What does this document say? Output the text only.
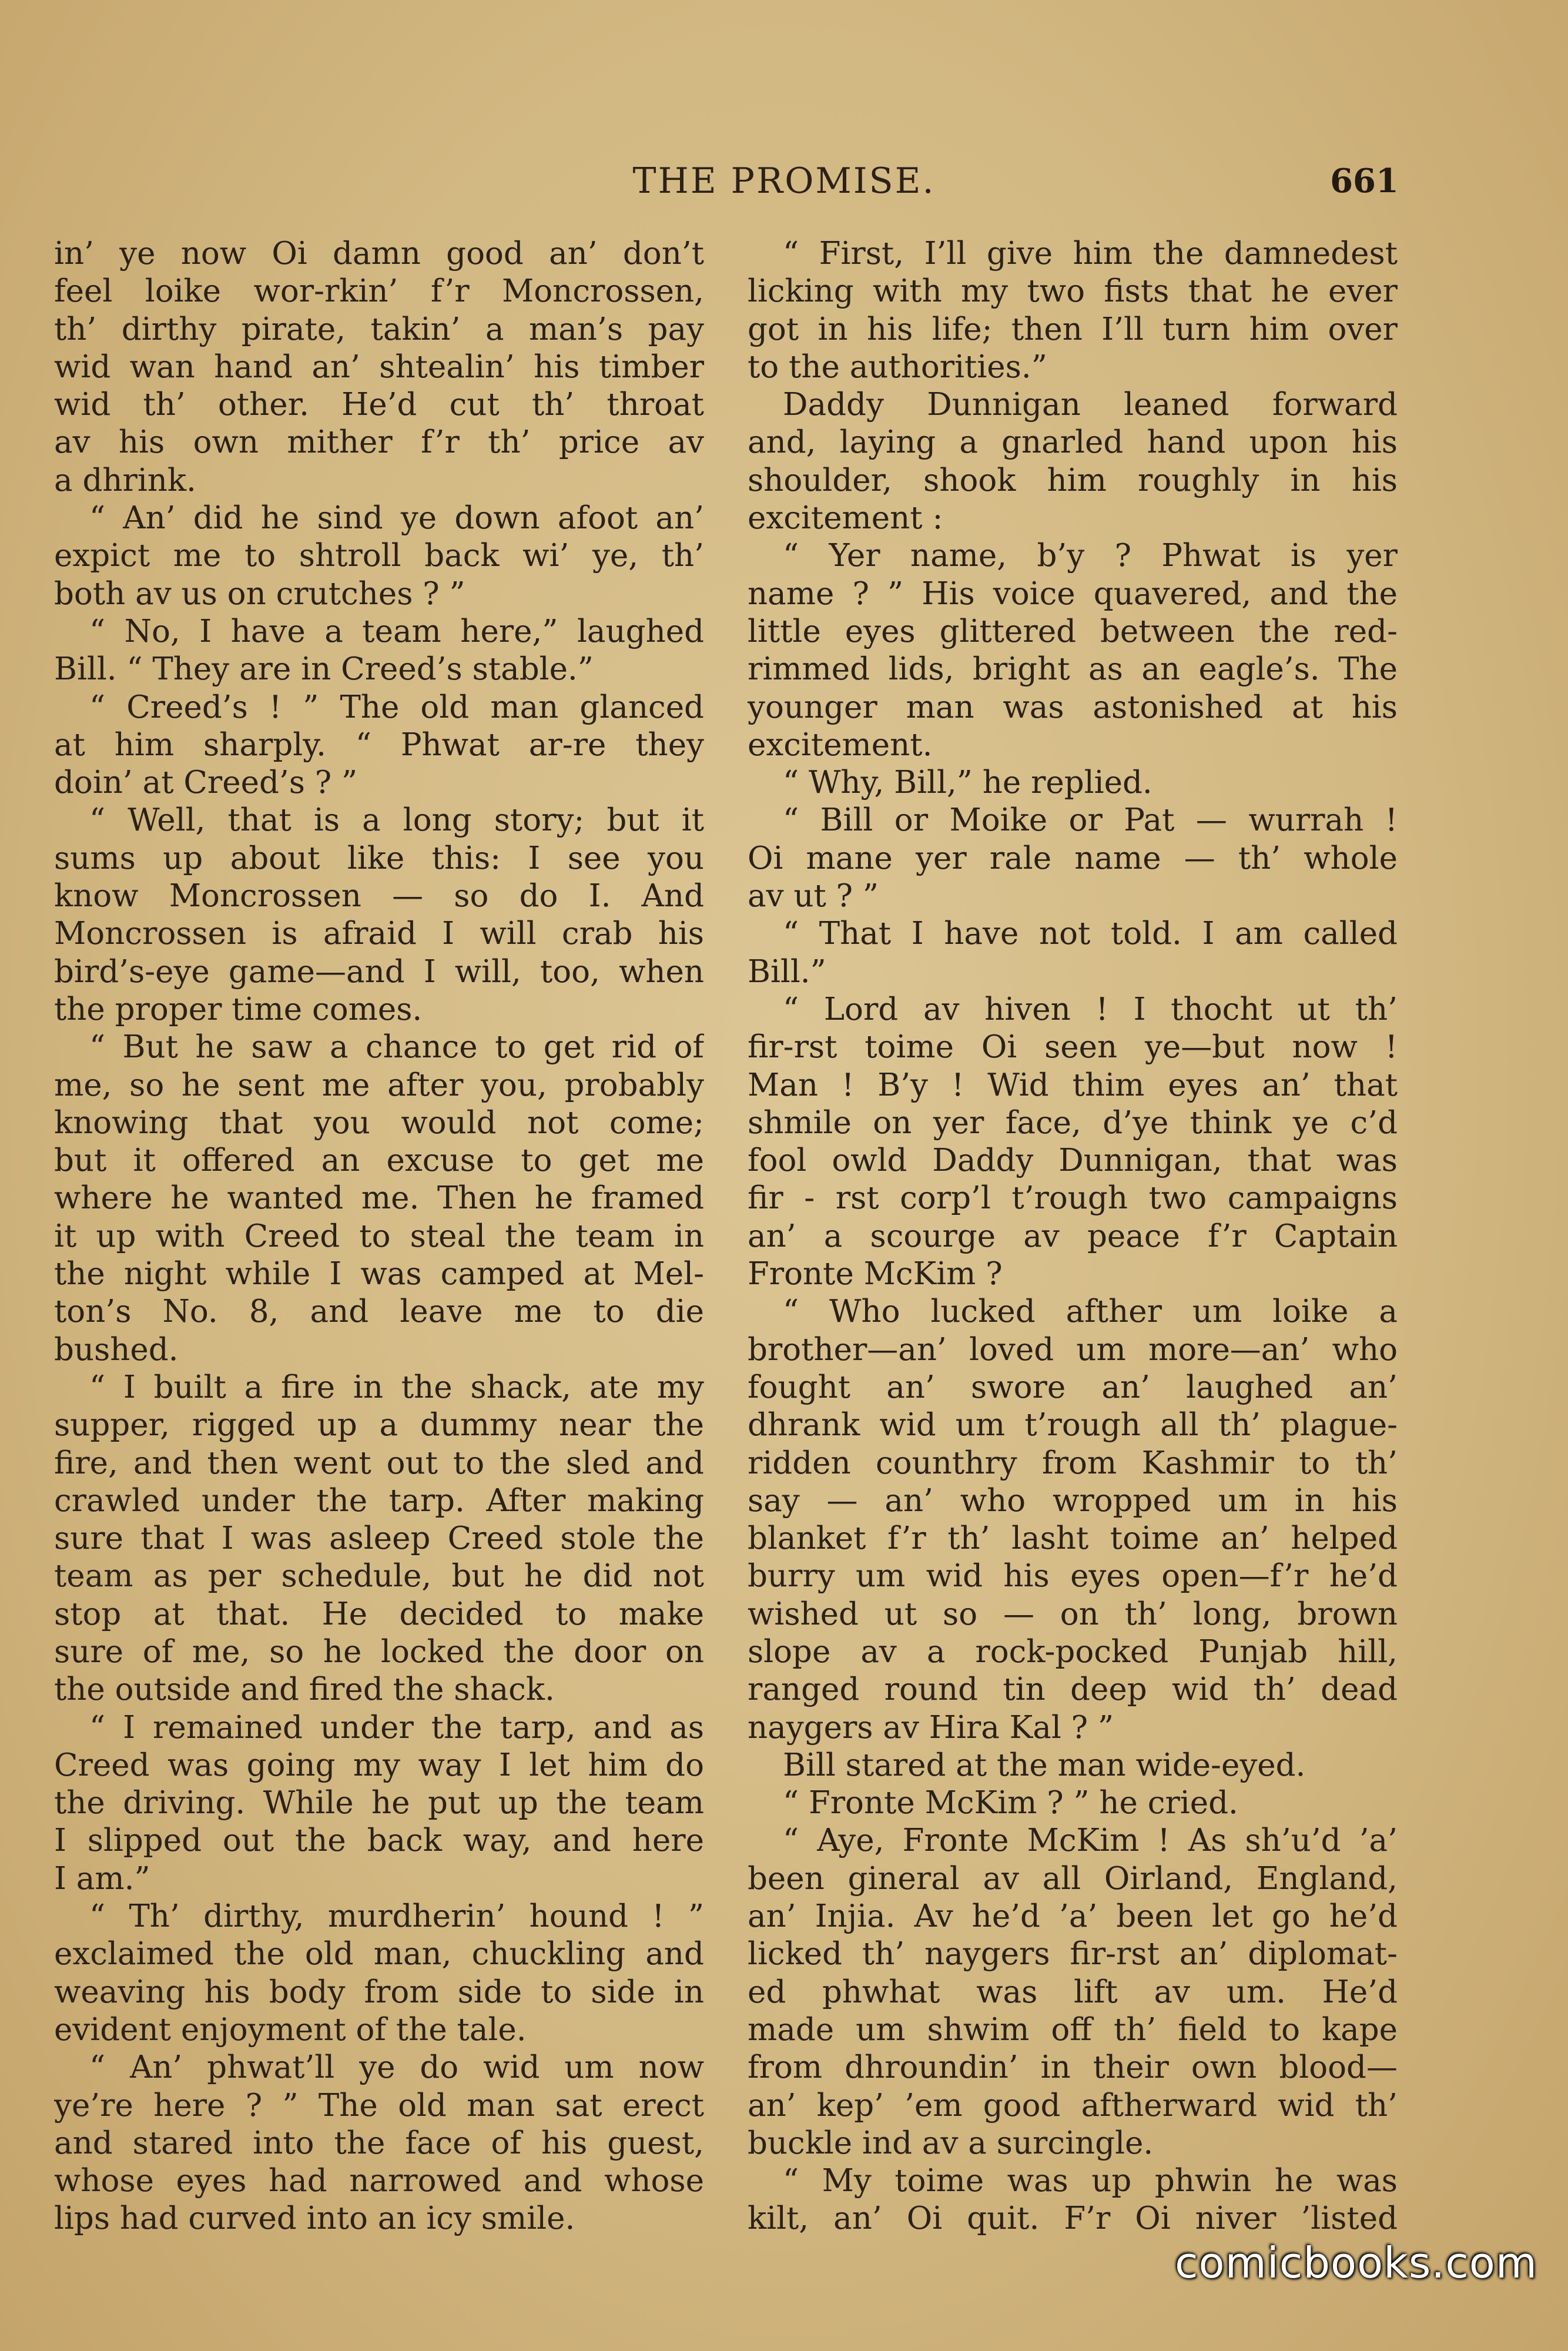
THE PROMISE.	661
in’ ye now Oi damn good an’ don’t
feel loike wor-rkin’ f’r Moncrossen,
th’ dirthy pirate, takin’ a man’s pay
wid wan hand an’ shtealin’ his timber
wid th’ other. He’d cut th’ throat
av his own mither f’r th’ price av
a dhrink.
“ An’ did he sind ye down afoot an’
expict me to shtroll back wi’ ye, th’
both av us on crutches ? ”
“ No, I have a team here,” laughed
Bill. “ They are in Creed’s stable.”
“ Creed’s ! ” The old man glanced
at him sharply. “ Phwat ar-re they
doin’ at Creed’s ? ”
“ Well, that is a long story; but it
sums up about like this: I see you
know Moncrossen — so do I. And
Moncrossen is afraid I will crab his
bird’s-eye game—and I will, too, when
the proper time comes.
“ But he saw a chance to get rid of
me, so he sent me after you, probably
knowing that you would not come;
but it offered an excuse to get me
where he wanted me. Then he framed
it up with Creed to steal the team in
the night while I was camped at Mel-
ton’s No. 8, and leave me to die
bushed.
“ I built a fire in the shack, ate my
supper, rigged up a dummy near the
fire, and then went out to the sled and
crawled under the tarp. After making
sure that I was asleep Creed stole the
team as per schedule, but he did not
stop at that. He decided to make
sure of me, so he locked the door on
the outside and fired the shack.
“ I remained under the tarp, and as
Creed was going my way I let him do
the driving. While he put up the team
I slipped out the back way, and here
I am.”
“ Th’ dirthy, murdherin’ hound ! ”
exclaimed the old man, chuckling and
weaving his body from side to side in
evident enjoyment of the tale.
“ An’ phwat’ll ye do wid um now
ye’re here ? ” The old man sat erect
and stared into the face of his guest,
whose eyes had narrowed and whose
lips had curved into an icy smile.
“ First, I’ll give him the damnedest
licking with my two fists that he ever
got in his life; then I’ll turn him over
to the authorities.”
Daddy Dunnigan leaned forward
and, laying a gnarled hand upon his
shoulder, shook him roughly in his
excitement :
“ Yer name, b’y ? Phwat is yer
name ? ” His voice quavered, and the
little eyes glittered between the red-
rimmed lids, bright as an eagle’s. The
younger man was astonished at his
excitement.
“ Why, Bill,” he replied.
“ Bill or Moike or Pat — wurrah !
Oi mane yer rale name — th’ whole
av ut ? ”
“ That I have not told. I am called
Bill.”
“ Lord av hiven ! I thocht ut th’
fir-rst toime Oi seen ye—but now !
Man ! B’y ! Wid thim eyes an’ that
shmile on yer face, d’ye think ye c’d
fool owld Daddy Dunnigan, that was
fir - rst corp’l t’rough two campaigns
an’ a scourge av peace f’r Captain
Fronte McKim ?
“ Who lucked afther um loike a
brother—an’ loved um more—an’ who
fought an’ swore an’ laughed an’
dhrank wid um t’rough all th’ plague-
ridden counthry from Kashmir to th’
say — an’ who wropped um in his
blanket f’r th’ lasht toime an’ helped
burry um wid his eyes open—f’r he’d
wished ut so — on th’ long, brown
slope av a rock-pocked Punjab hill,
ranged round tin deep wid th’ dead
naygers av Hira Kal ? ”
Bill stared at the man wide-eyed.
“ Fronte McKim ? ” he cried.
“ Aye, Fronte McKim ! As sh’u’d ’a’
been gineral av all Oirland, England,
an’ Injia. Av he’d ’a’ been let go he’d
licked th’ naygers fir-rst an’ diplomat-
ed phwhat was lift av um. He’d
made um shwim off th’ field to kape
from dhroundin’ in their own blood—
an’ kep’ ’em good aftherward wid th’
buckle ind av a surcingle.
“ My toime was up phwin he was
kilt, an’ Oi quit. F’r Oi niver ’listed
comicbooks.com
